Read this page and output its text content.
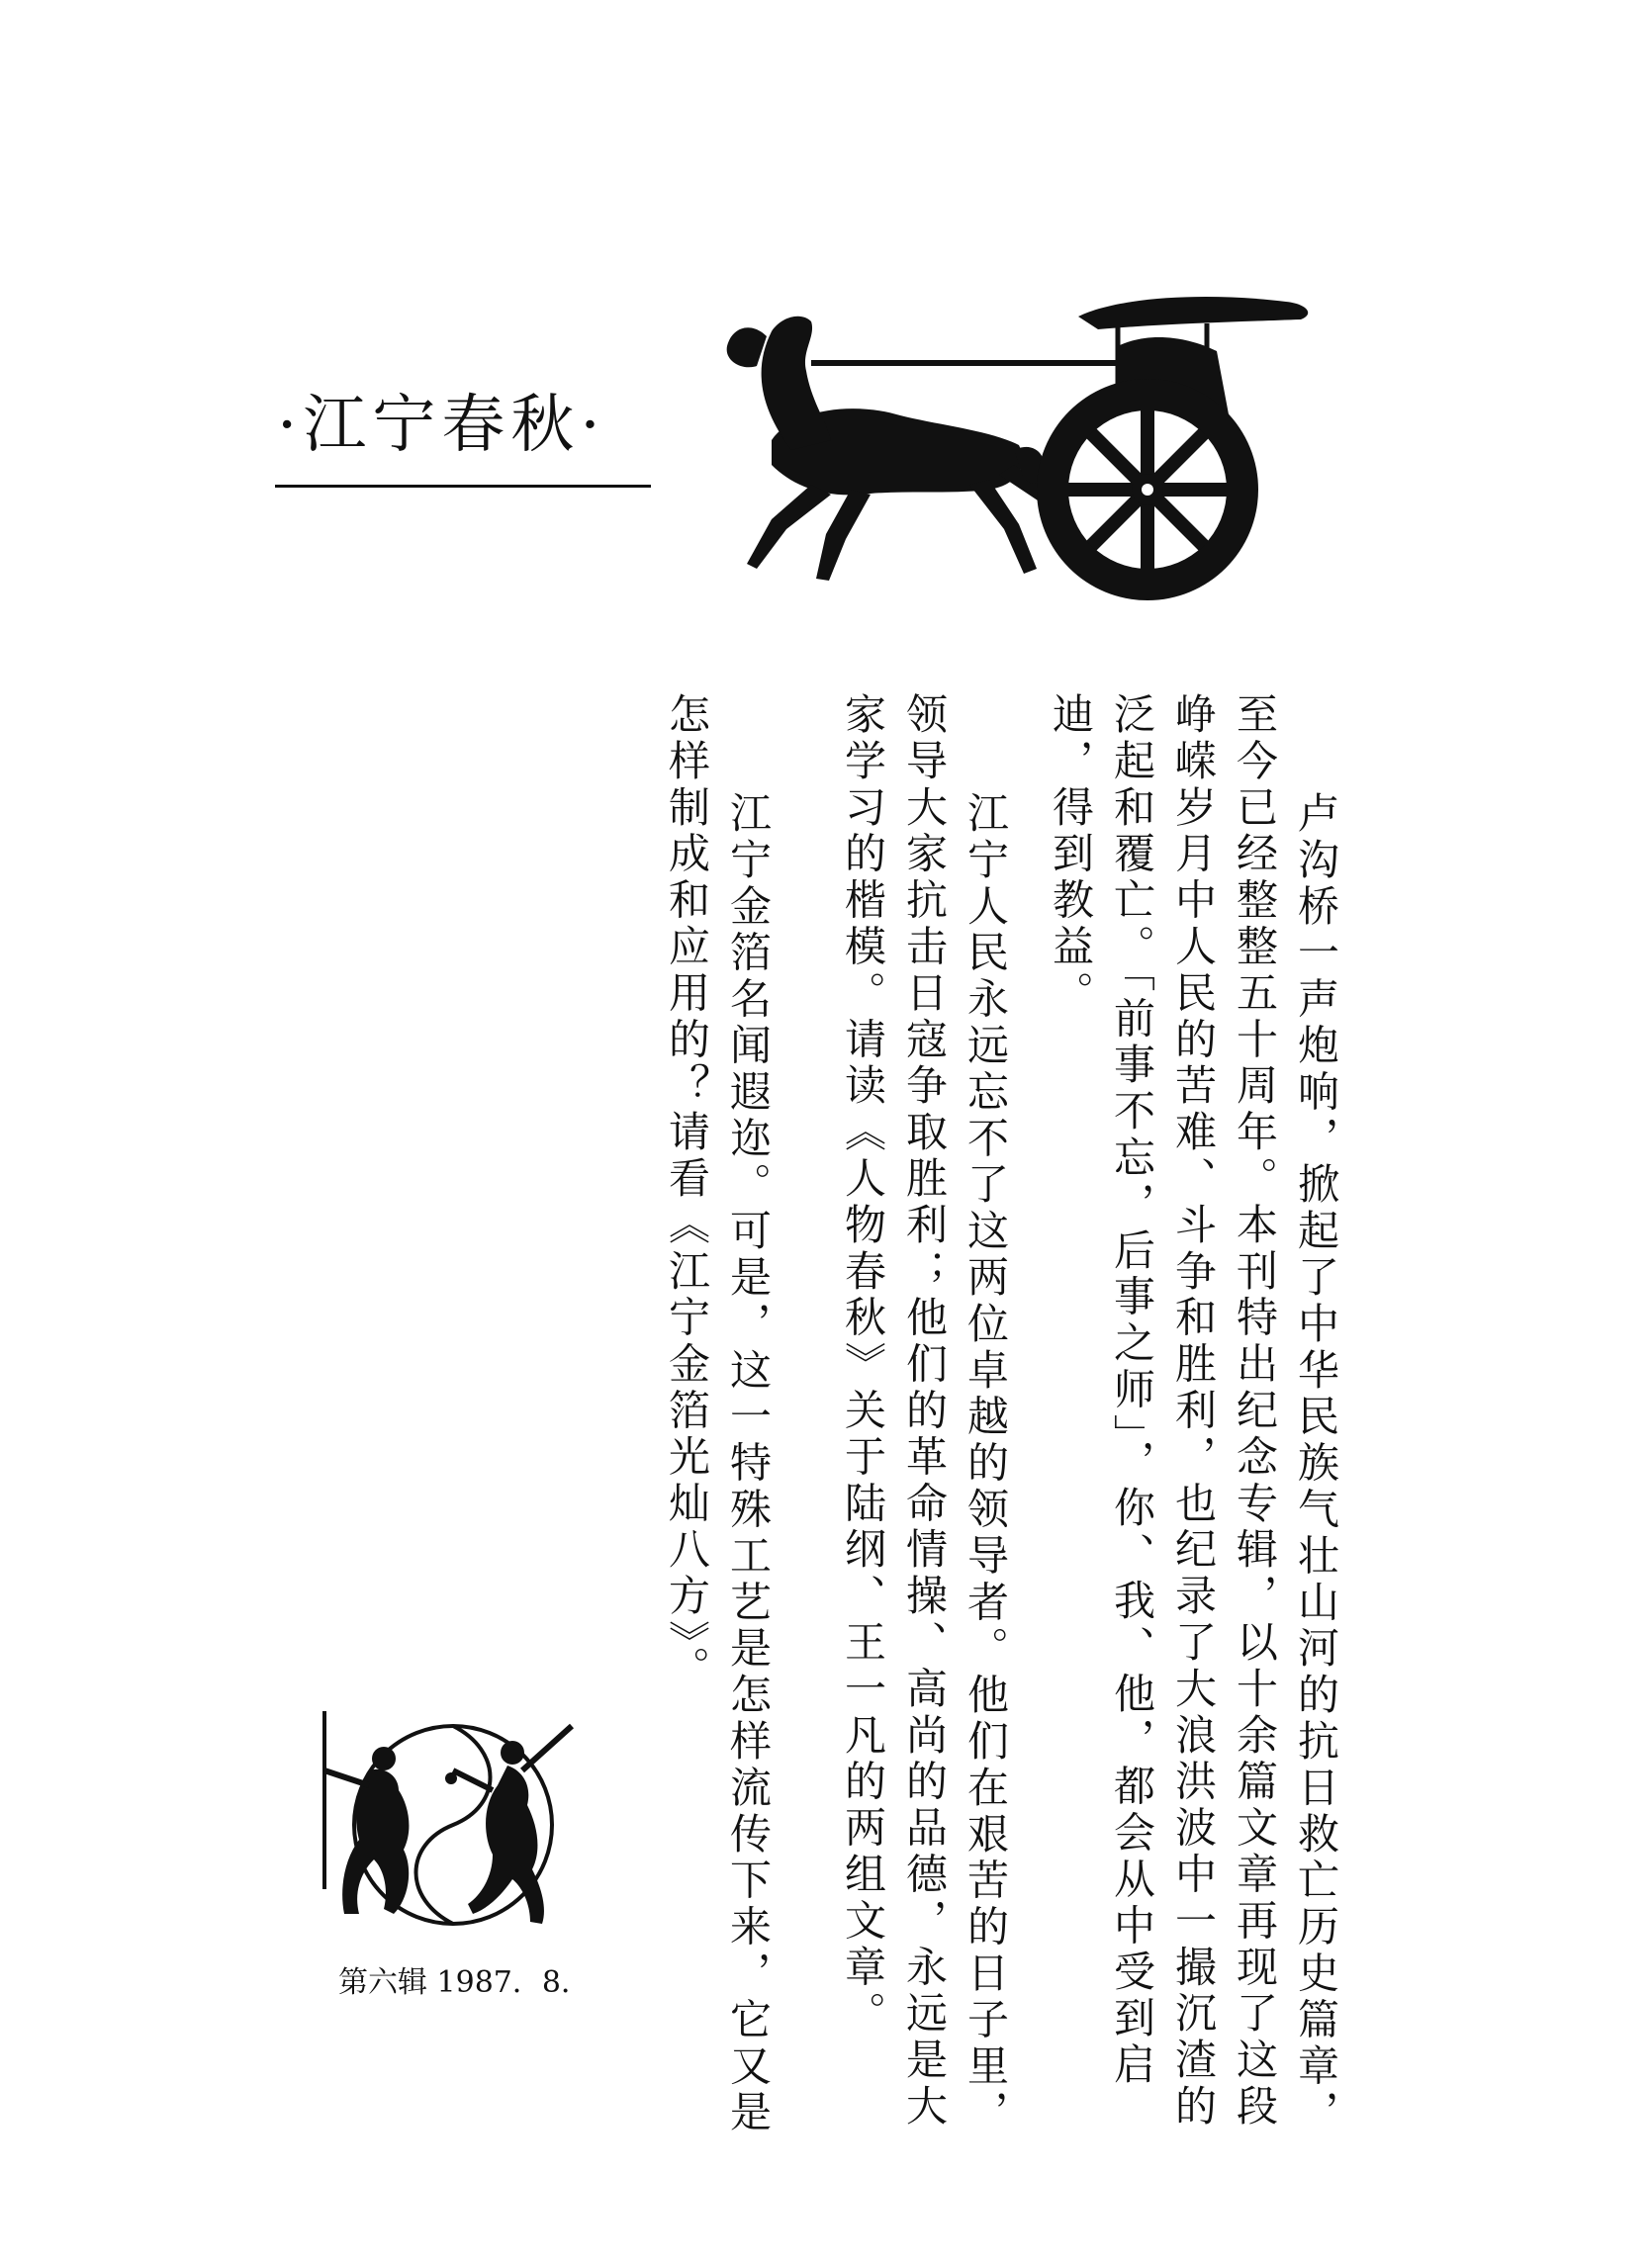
·江宁春秋·
卢沟桥一声炮响，掀起了中华民族气壮山河的抗日救亡历史篇章，
至今已经整整五十周年。本刊特出纪念专辑，以十余篇文章再现了这段
峥嵘岁月中人民的苦难、斗争和胜利，也纪录了大浪洪波中一撮沉渣的
泛起和覆亡。「前事不忘，后事之师」，你、我、他，都会从中受到启
迪，得到教益。
江宁人民永远忘不了这两位卓越的领导者。他们在艰苦的日子里，
领导大家抗击日寇争取胜利；他们的革命情操、高尚的品德，永远是大
家学习的楷模。请读《人物春秋》关于陆纲、王一凡的两组文章。
江宁金箔名闻遐迩。可是，这一特殊工艺是怎样流传下来，它又是
怎样制成和应用的？请看《江宁金箔光灿八方》。
第六辑 1987．8．
